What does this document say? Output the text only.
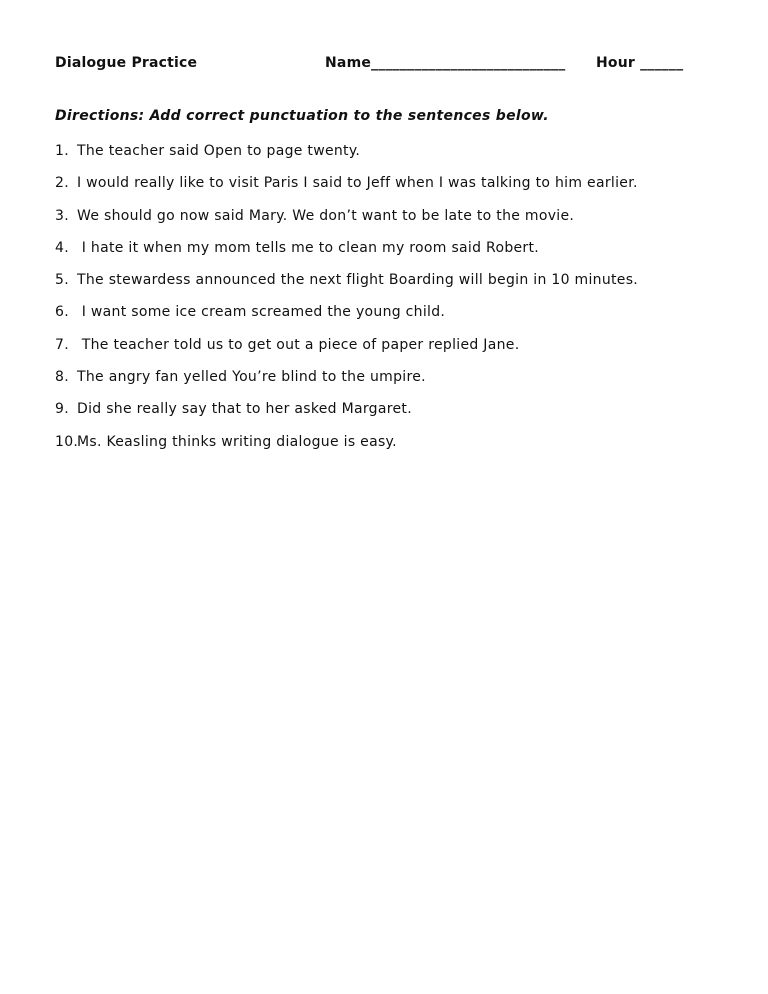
Dialogue Practice	Name___________________________ Hour ______
Directions: Add correct punctuation to the sentences below.
1. The teacher said Open to page twenty.
2. I would really like to visit Paris I said to Jeff when I was talking to him earlier.
3. We should go now said Mary. We don’t want to be late to the movie.
4. I hate it when my mom tells me to clean my room said Robert.
5. The stewardess announced the next flight Boarding will begin in 10 minutes.
6. I want some ice cream screamed the young child.
7. The teacher told us to get out a piece of paper replied Jane.
8. The angry fan yelled You’re blind to the umpire.
9. Did she really say that to her asked Margaret.
10.Ms. Keasling thinks writing dialogue is easy.
